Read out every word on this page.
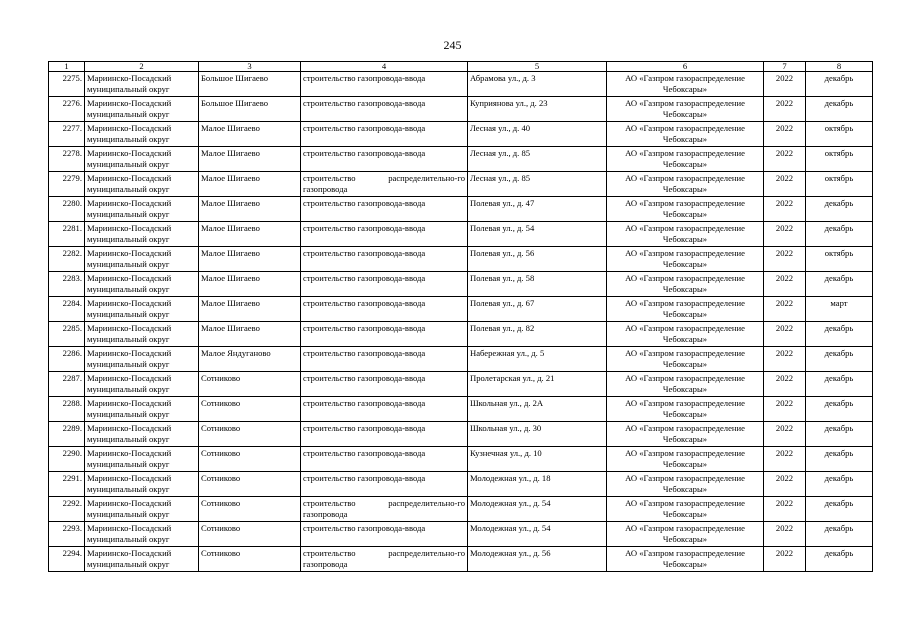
245
1	2	3	4	5	6	7	8
2275.	Мариинско-Посадский муниципальный округ	Большое Шигаево	строительство газопровода-ввода	Абрамова ул., д. 3	АО «Газпром газораспределение Чебоксары»	2022	декабрь
2276.	Мариинско-Посадский муниципальный округ	Большое Шигаево	строительство газопровода-ввода	Куприянова ул., д. 23	АО «Газпром газораспределение Чебоксары»	2022	декабрь
2277.	Мариинско-Посадский муниципальный округ	Малое Шигаево	строительство газопровода-ввода	Лесная ул., д. 40	АО «Газпром газораспределение Чебоксары»	2022	октябрь
2278.	Мариинско-Посадский муниципальный округ	Малое Шигаево	строительство газопровода-ввода	Лесная ул., д. 85	АО «Газпром газораспределение Чебоксары»	2022	октябрь
2279.	Мариинско-Посадский муниципальный округ	Малое Шигаево	строительство распределительно-го газопровода	Лесная ул., д. 85	АО «Газпром газораспределение Чебоксары»	2022	октябрь
2280.	Мариинско-Посадский муниципальный округ	Малое Шигаево	строительство газопровода-ввода	Полевая ул., д. 47	АО «Газпром газораспределение Чебоксары»	2022	декабрь
2281.	Мариинско-Посадский муниципальный округ	Малое Шигаево	строительство газопровода-ввода	Полевая ул., д. 54	АО «Газпром газораспределение Чебоксары»	2022	декабрь
2282.	Мариинско-Посадский муниципальный округ	Малое Шигаево	строительство газопровода-ввода	Полевая ул., д. 56	АО «Газпром газораспределение Чебоксары»	2022	октябрь
2283.	Мариинско-Посадский муниципальный округ	Малое Шигаево	строительство газопровода-ввода	Полевая ул., д. 58	АО «Газпром газораспределение Чебоксары»	2022	декабрь
2284.	Мариинско-Посадский муниципальный округ	Малое Шигаево	строительство газопровода-ввода	Полевая ул., д. 67	АО «Газпром газораспределение Чебоксары»	2022	март
2285.	Мариинско-Посадский муниципальный округ	Малое Шигаево	строительство газопровода-ввода	Полевая ул., д. 82	АО «Газпром газораспределение Чебоксары»	2022	декабрь
2286.	Мариинско-Посадский муниципальный округ	Малое Яндуганово	строительство газопровода-ввода	Набережная ул., д. 5	АО «Газпром газораспределение Чебоксары»	2022	декабрь
2287.	Мариинско-Посадский муниципальный округ	Сотниково	строительство газопровода-ввода	Пролетарская ул., д. 21	АО «Газпром газораспределение Чебоксары»	2022	декабрь
2288.	Мариинско-Посадский муниципальный округ	Сотниково	строительство газопровода-ввода	Школьная ул., д. 2А	АО «Газпром газораспределение Чебоксары»	2022	декабрь
2289.	Мариинско-Посадский муниципальный округ	Сотниково	строительство газопровода-ввода	Школьная ул., д. 30	АО «Газпром газораспределение Чебоксары»	2022	декабрь
2290.	Мариинско-Посадский муниципальный округ	Сотниково	строительство газопровода-ввода	Кузнечная ул., д. 10	АО «Газпром газораспределение Чебоксары»	2022	декабрь
2291.	Мариинско-Посадский муниципальный округ	Сотниково	строительство газопровода-ввода	Молодежная ул., д. 18	АО «Газпром газораспределение Чебоксары»	2022	декабрь
2292.	Мариинско-Посадский муниципальный округ	Сотниково	строительство распределительно-го газопровода	Молодежная ул., д. 54	АО «Газпром газораспределение Чебоксары»	2022	декабрь
2293.	Мариинско-Посадский муниципальный округ	Сотниково	строительство газопровода-ввода	Молодежная ул., д. 54	АО «Газпром газораспределение Чебоксары»	2022	декабрь
2294.	Мариинско-Посадский муниципальный округ	Сотниково	строительство распределительно-го газопровода	Молодежная ул., д. 56	АО «Газпром газораспределение Чебоксары»	2022	декабрь
